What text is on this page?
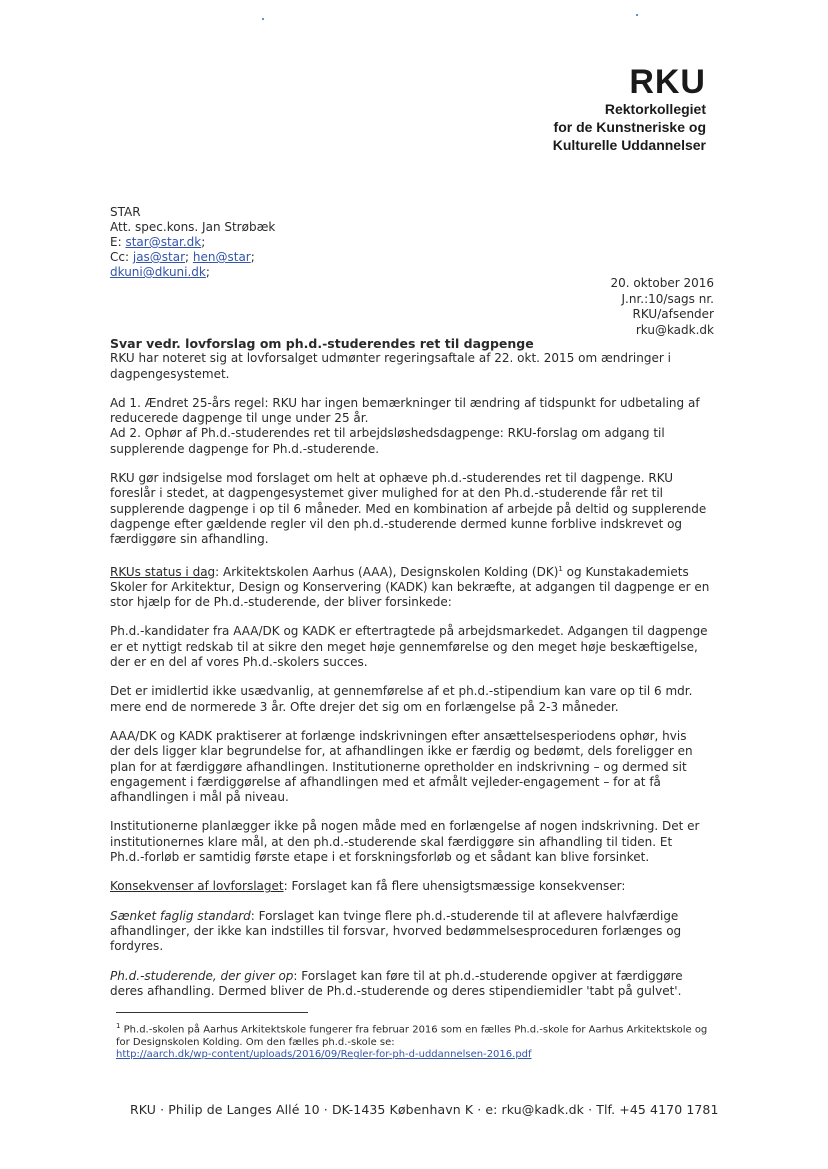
RKU
Rektorkollegiet
for de Kunstneriske og
Kulturelle Uddannelser
STAR
Att. spec.kons. Jan Strøbæk
E: star@star.dk;
Cc: jas@star; hen@star;
dkuni@dkuni.dk;
20. oktober 2016
J.nr.:10/sags nr.
RKU/afsender
rku@kadk.dk
Svar vedr. lovforslag om ph.d.-studerendes ret til dagpenge

RKU har noteret sig at lovforsalget udmønter regeringsaftale af 22. okt. 2015 om ændringer i dagpengesystemet.

Ad 1. Ændret 25-års regel: RKU har ingen bemærkninger til ændring af tidspunkt for udbetaling af reducerede dagpenge til unge under 25 år.

Ad 2. Ophør af Ph.d.-studerendes ret til arbejdsløshedsdagpenge: RKU-forslag om adgang til supplerende dagpenge for Ph.d.-studerende.

RKU gør indsigelse mod forslaget om helt at ophæve ph.d.-studerendes ret til dagpenge. RKU foreslår i stedet, at dagpengesystemet giver mulighed for at den Ph.d.-studerende får ret til supplerende dagpenge i op til 6 måneder. Med en kombination af arbejde på deltid og supplerende dagpenge efter gældende regler vil den ph.d.-studerende dermed kunne forblive indskrevet og færdiggøre sin afhandling.

RKUs status i dag: Arkitektskolen Aarhus (AAA), Designskolen Kolding (DK)$^1$ og Kunstakademiets Skoler for Arkitektur, Design og Konservering (KADK) kan bekræfte, at adgangen til dagpenge er en stor hjælp for de Ph.d.-studerende, der bliver forsinkede:

Ph.d.-kandidater fra AAA/DK og KADK er eftertragtede på arbejdsmarkedet. Adgangen til dagpenge er et nyttigt redskab til at sikre den meget høje gennemførelse og den meget høje beskæftigelse, der er en del af vores Ph.d.-skolers succes.

Det er imidlertid ikke usædvanlig, at gennemførelse af et ph.d.-stipendium kan vare op til 6 mdr. mere end de normerede 3 år. Ofte drejer det sig om en forlængelse på 2-3 måneder.

AAA/DK og KADK praktiserer at forlænge indskrivningen efter ansættelsesperiodens ophør, hvis der dels ligger klar begrundelse for, at afhandlingen ikke er færdig og bedømt, dels foreligger en plan for at færdiggøre afhandlingen. Institutionerne opretholder en indskrivning – og dermed sit engagement i færdiggørelse af afhandlingen med et afmålt vejleder-engagement – for at få afhandlingen i mål på niveau.

Institutionerne planlægger ikke på nogen måde med en forlængelse af nogen indskrivning. Det er institutionernes klare mål, at den ph.d.-studerende skal færdiggøre sin afhandling til tiden. Et Ph.d.-forløb er samtidig første etape i et forskningsforløb og et sådant kan blive forsinket.

Konsekvenser af lovforslaget: Forslaget kan få flere uhensigtsmæssige konsekvenser:

Sænket faglig standard: Forslaget kan tvinge flere ph.d.-studerende til at aflevere halvfærdige afhandlinger, der ikke kan indstilles til forsvar, hvorved bedømmelsesproceduren forlænges og fordyres.

Ph.d.-studerende, der giver op: Forslaget kan føre til at ph.d.-studerende opgiver at færdiggøre deres afhandling. Dermed bliver de Ph.d.-studerende og deres stipendiemidler 'tabt på gulvet'.

$^1$ Ph.d.-skolen på Aarhus Arkitektskole fungerer fra februar 2016 som en fælles Ph.d.-skole for Aarhus Arkitektskole og for Designskolen Kolding. Om den fælles ph.d.-skole se:
http://aarch.dk/wp-content/uploads/2016/09/Regler-for-ph-d-uddannelsen-2016.pdf
RKU · Philip de Langes Allé 10 · DK-1435 København K · e: rku@kadk.dk · Tlf. +45 4170 1781
